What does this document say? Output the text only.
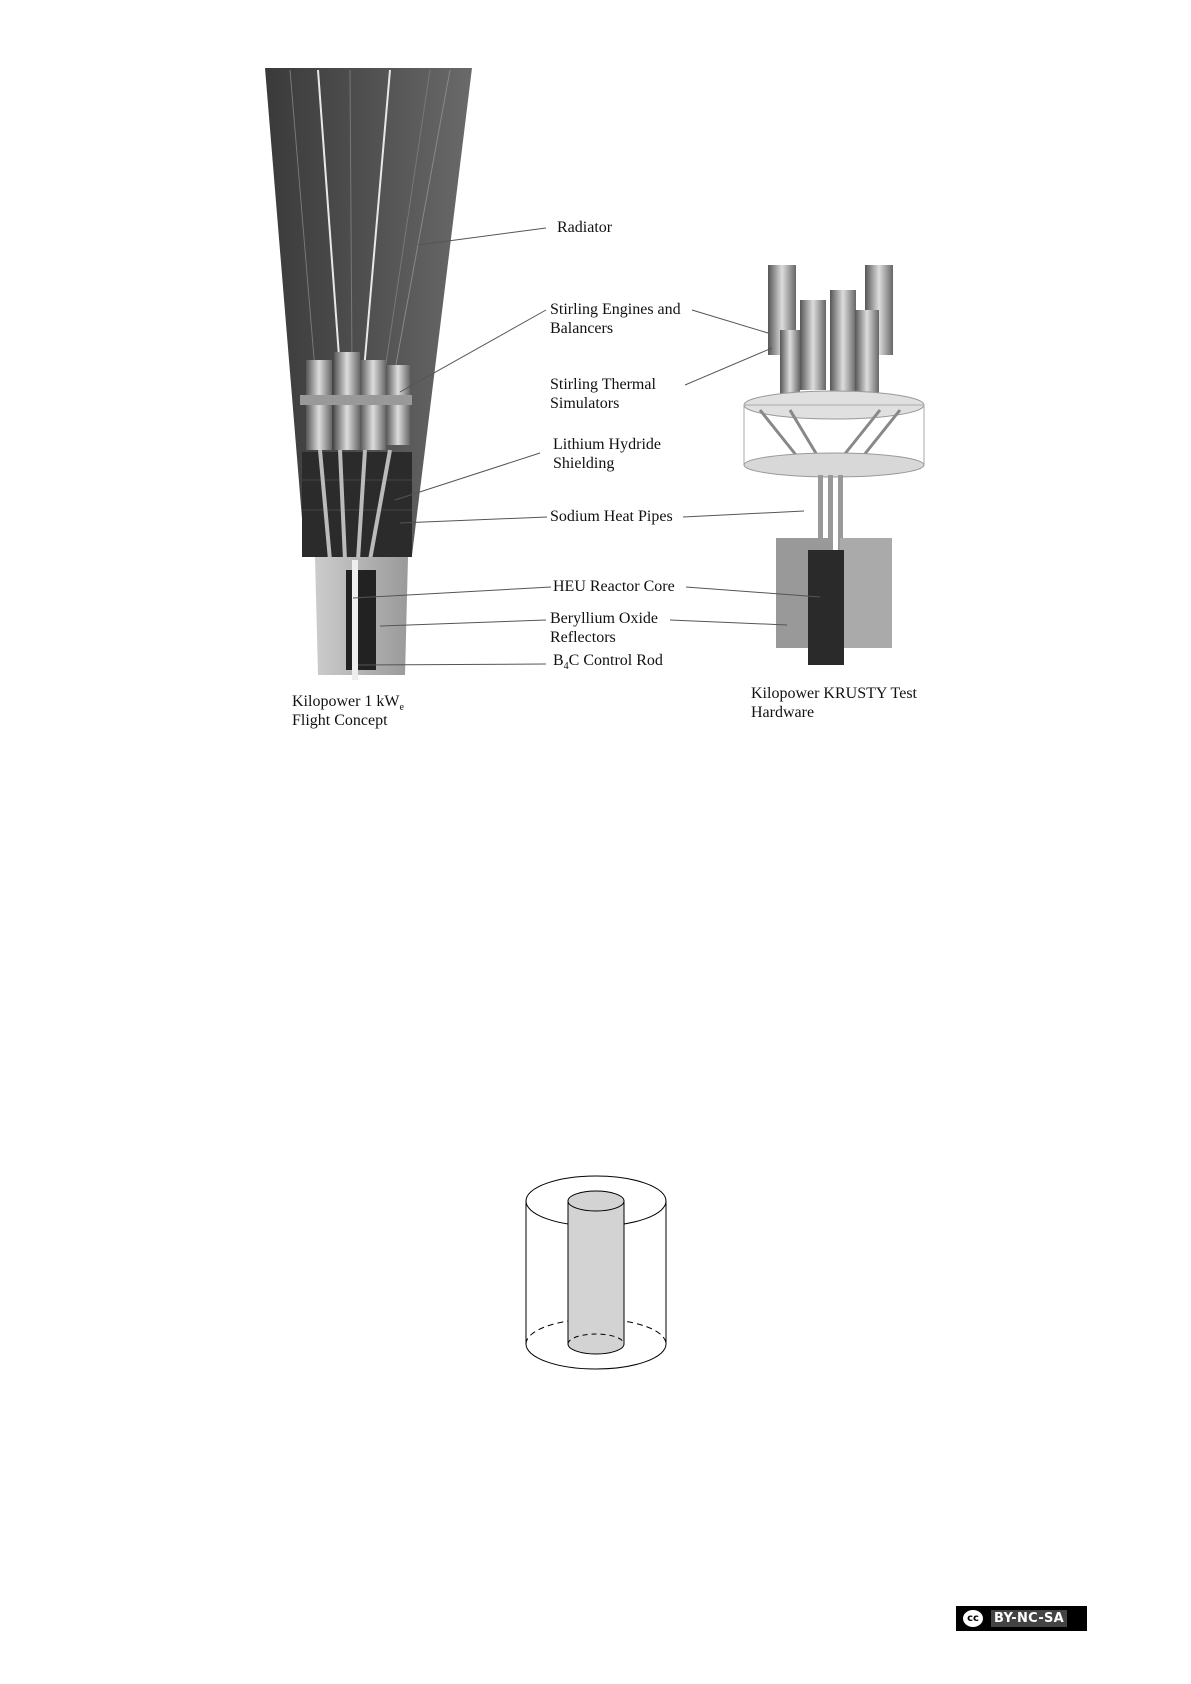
Radiator
Stirling Engines and
Balancers
Stirling Thermal
Simulators
Lithium Hydride
Shielding
Sodium Heat Pipes
HEU Reactor Core
Beryllium Oxide
Reflectors
$B_4C$ Control Rod
Kilopower 1 $kW_e$
Flight Concept
Kilopower KRUSTY Test
Hardware
cc	BY-NC-SA
